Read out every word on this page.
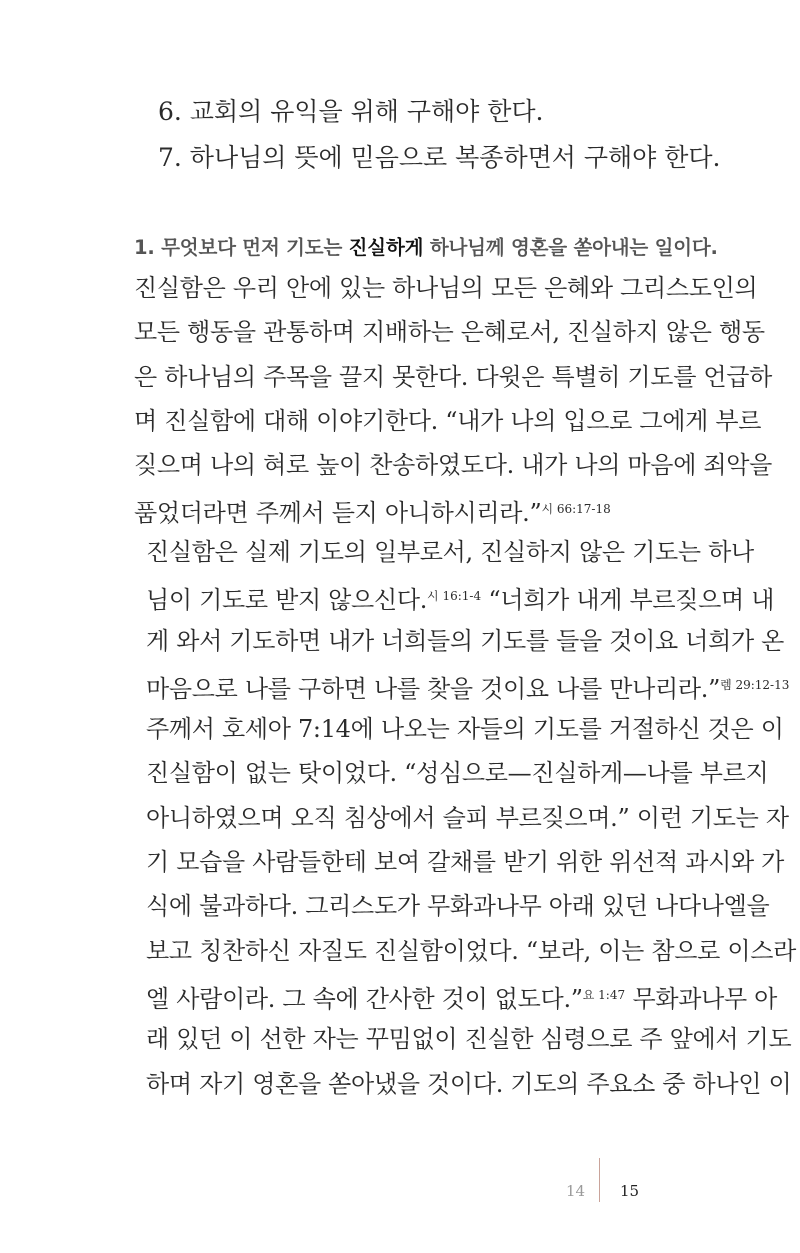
6. 교회의 유익을 위해 구해야 한다.

7. 하나님의 뜻에 믿음으로 복종하면서 구해야 한다.

1. 무엇보다 먼저 기도는 진실하게 하나님께 영혼을 쏟아내는 일이다.

진실함은 우리 안에 있는 하나님의 모든 은혜와 그리스도인의
모든 행동을 관통하며 지배하는 은혜로서, 진실하지 않은 행동
은 하나님의 주목을 끌지 못한다. 다윗은 특별히 기도를 언급하
며 진실함에 대해 이야기한다. “내가 나의 입으로 그에게 부르
짖으며 나의 혀로 높이 찬송하였도다. 내가 나의 마음에 죄악을
품었더라면 주께서 듣지 아니하시리라.”$^{시 66:17-18}$
진실함은 실제 기도의 일부로서, 진실하지 않은 기도는 하나
님이 기도로 받지 않으신다.$^{시 16:1-4}$ “너희가 내게 부르짖으며 내
게 와서 기도하면 내가 너희들의 기도를 들을 것이요 너희가 온
마음으로 나를 구하면 나를 찾을 것이요 나를 만나리라.”$^{렘 29:12-13}$
주께서 호세아 7:14에 나오는 자들의 기도를 거절하신 것은 이
진실함이 없는 탓이었다. “성심으로—진실하게—나를 부르지
아니하였으며 오직 침상에서 슬피 부르짖으며.” 이런 기도는 자
기 모습을 사람들한테 보여 갈채를 받기 위한 위선적 과시와 가
식에 불과하다. 그리스도가 무화과나무 아래 있던 나다나엘을
보고 칭찬하신 자질도 진실함이었다. “보라, 이는 참으로 이스라
엘 사람이라. 그 속에 간사한 것이 없도다.”$^{요 1:47}$ 무화과나무 아
래 있던 이 선한 자는 꾸밈없이 진실한 심령으로 주 앞에서 기도
하며 자기 영혼을 쏟아냈을 것이다. 기도의 주요소 중 하나인 이
14 15
